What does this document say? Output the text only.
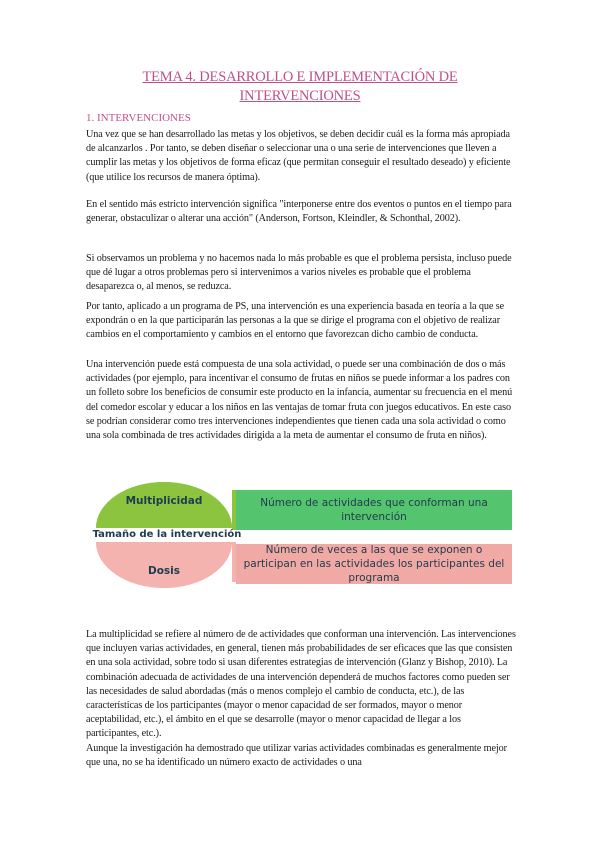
TEMA 4. DESARROLLO E IMPLEMENTACIÓN DE INTERVENCIONES
1. INTERVENCIONES

Una vez que se han desarrollado las metas y los objetivos, se deben decidir cuál es la forma más apropiada de alcanzarlos . Por tanto, se deben diseñar o seleccionar una o una serie de intervenciones que lleven a cumplir las metas y los objetivos de forma eficaz (que permitan conseguir el resultado deseado) y eficiente (que utilice los recursos de manera óptima).

En el sentido más estricto intervención significa "interponerse entre dos eventos o puntos en el tiempo para generar, obstaculizar o alterar una acción" (Anderson, Fortson, Kleindler, & Schonthal, 2002).

Si observamos un problema y no hacemos nada lo más probable es que el problema persista, incluso puede que dé lugar a otros problemas pero si intervenimos a varios niveles es probable que el problema desaparezca o, al menos, se reduzca.

Por tanto, aplicado a un programa de PS, una intervención es una experiencia basada en teoría a la que se expondrán o en la que participarán las personas a la que se dirige el programa con el objetivo de realizar cambios en el comportamiento y cambios en el entorno que favorezcan dicho cambio de conducta.

Una intervención puede está compuesta de una sola actividad, o puede ser una combinación de dos o más actividades (por ejemplo, para incentivar el consumo de frutas en niños se puede informar a los padres con un folleto sobre los beneficios de consumir este producto en la infancia, aumentar su frecuencia en el menú del comedor escolar y educar a los niños en las ventajas de tomar fruta con juegos educativos. En este caso se podrían considerar como tres intervenciones independientes que tienen cada una sola actividad o como una sola combinada de tres actividades dirigida a la meta de aumentar el consumo de fruta en niños).

Multiplicidad
Tamaño de la intervención
Dosis
Número de actividades que conforman una intervención
Número de veces a las que se exponen o participan en las actividades los participantes del programa

La multiplicidad se refiere al número de de actividades que conforman una intervención. Las intervenciones que incluyen varias actividades, en general, tienen más probabilidades de ser eficaces que las que consisten en una sola actividad, sobre todo si usan diferentes estrategias de intervención (Glanz y Bishop, 2010). La combinación adecuada de actividades de una intervención dependerá de muchos factores como pueden ser las necesidades de salud abordadas (más o menos complejo el cambio de conducta, etc.), de las características de los participantes (mayor o menor capacidad de ser formados, mayor o menor aceptabilidad, etc.), el ámbito en el que se desarrolle (mayor o menor capacidad de llegar a los participantes, etc.).

Aunque la investigación ha demostrado que utilizar varias actividades combinadas es generalmente mejor que una, no se ha identificado un número exacto de actividades o una
